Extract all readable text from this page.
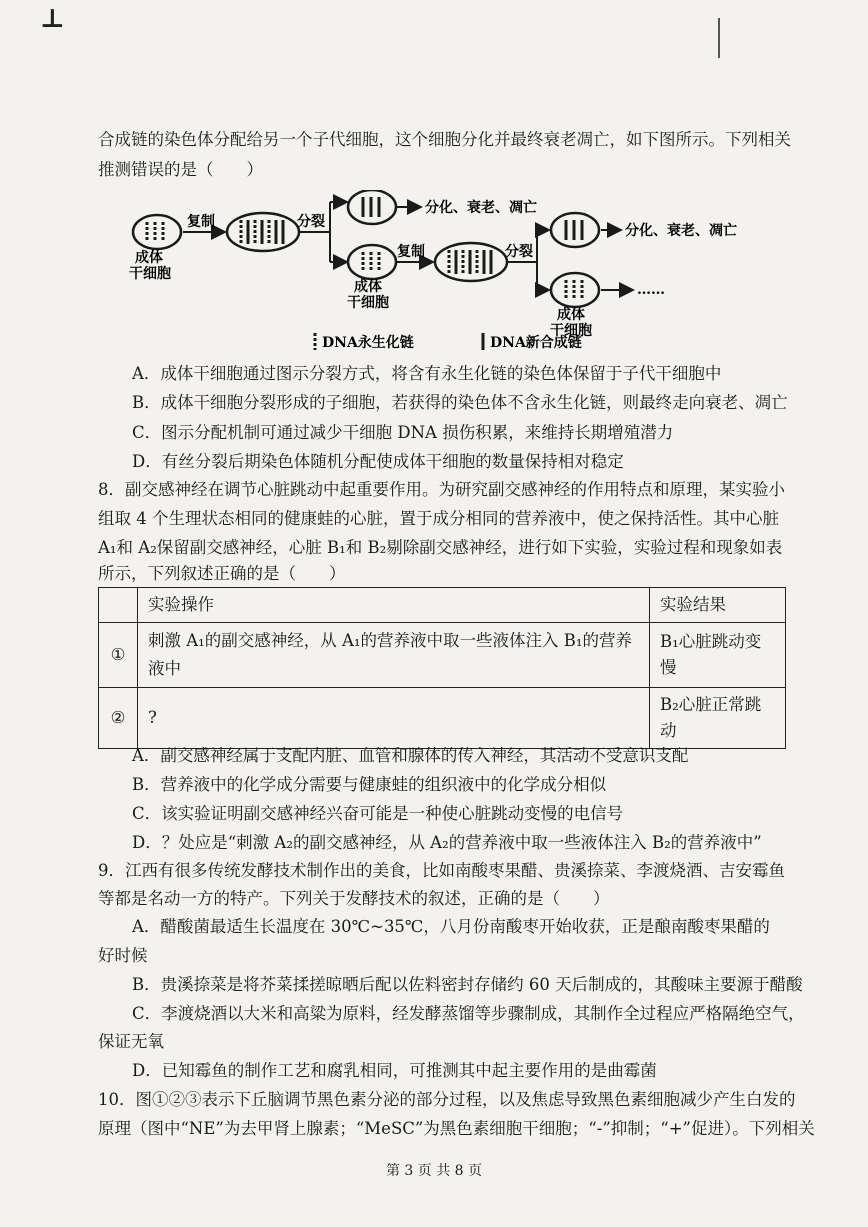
⊥
合成链的染色体分配给另一个子代细胞，这个细胞分化并最终衰老凋亡，如下图所示。下列相关
推测错误的是（　　）
成体
干细胞
复制	分裂
分化、衰老、凋亡
成体
干细胞
复制	分裂
分化、衰老、凋亡
……
成体
干细胞
DNA永生化链	DNA新合成链
A．成体干细胞通过图示分裂方式，将含有永生化链的染色体保留于子代干细胞中
B．成体干细胞分裂形成的子细胞，若获得的染色体不含永生化链，则最终走向衰老、凋亡
C．图示分配机制可通过减少干细胞 DNA 损伤积累，来维持长期增殖潜力
D．有丝分裂后期染色体随机分配使成体干细胞的数量保持相对稳定
8．副交感神经在调节心脏跳动中起重要作用。为研究副交感神经的作用特点和原理，某实验小
组取 4 个生理状态相同的健康蛙的心脏，置于成分相同的营养液中，使之保持活性。其中心脏
A₁和 A₂保留副交感神经，心脏 B₁和 B₂剔除副交感神经，进行如下实验，实验过程和现象如表
所示，下列叙述正确的是（　　）
	实验操作	实验结果
①	刺激 A₁的副交感神经，从 A₁的营养液中取一些液体注入 B₁的营养液中	B₁心脏跳动变慢
②	?	B₂心脏正常跳动
A．副交感神经属于支配内脏、血管和腺体的传入神经，其活动不受意识支配
B．营养液中的化学成分需要与健康蛙的组织液中的化学成分相似
C．该实验证明副交感神经兴奋可能是一种使心脏跳动变慢的电信号
D．？处应是“刺激 A₂的副交感神经，从 A₂的营养液中取一些液体注入 B₂的营养液中”
9．江西有很多传统发酵技术制作出的美食，比如南酸枣果醋、贵溪捺菜、李渡烧酒、吉安霉鱼
等都是名动一方的特产。下列关于发酵技术的叙述，正确的是（　　）
A．醋酸菌最适生长温度在 30℃~35℃，八月份南酸枣开始收获，正是酿南酸枣果醋的
好时候
B．贵溪捺菜是将芥菜揉搓晾晒后配以佐料密封存储约 60 天后制成的，其酸味主要源于醋酸
C．李渡烧酒以大米和高粱为原料，经发酵蒸馏等步骤制成，其制作全过程应严格隔绝空气，
保证无氧
D．已知霉鱼的制作工艺和腐乳相同，可推测其中起主要作用的是曲霉菌
10．图①②③表示下丘脑调节黑色素分泌的部分过程，以及焦虑导致黑色素细胞减少产生白发的
原理（图中“NE”为去甲肾上腺素；“MeSC”为黑色素细胞干细胞；“-”抑制；“+”促进）。下列相关
第 3 页 共 8 页
